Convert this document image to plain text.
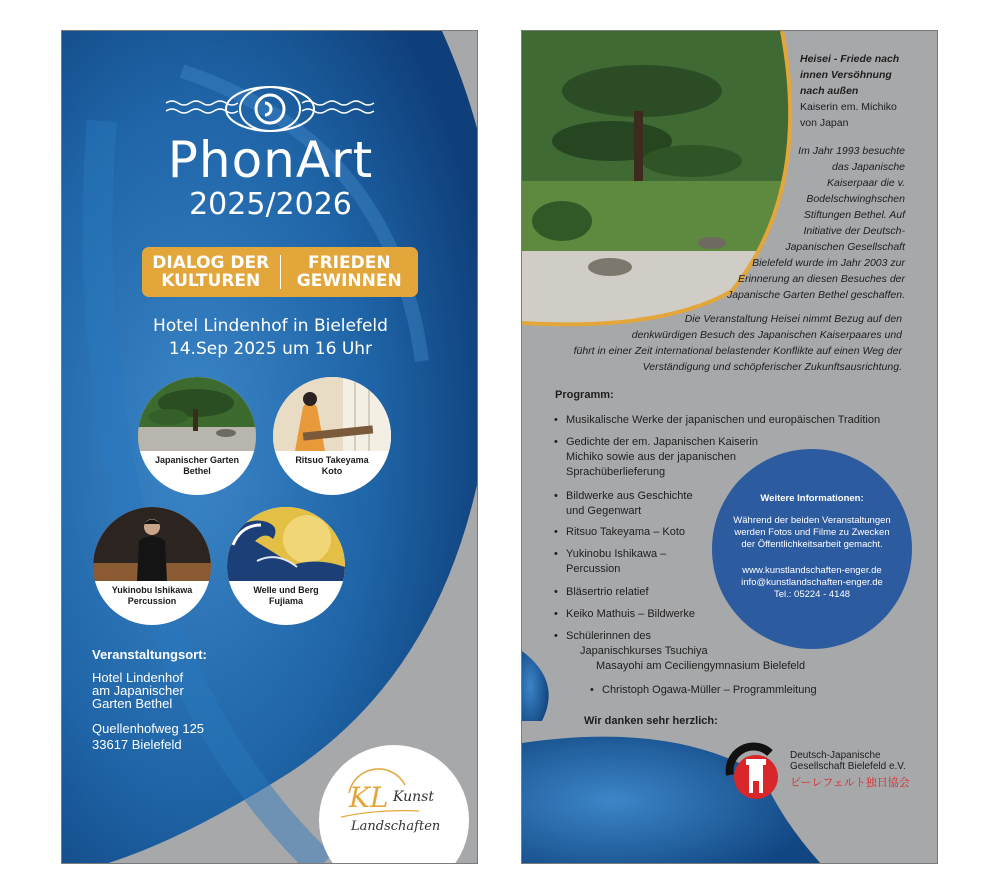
PhonArt
2025/2026
DIALOG DER
KULTUREN
FRIEDEN
GEWINNEN
Hotel Lindenhof in Bielefeld
14.Sep 2025 um 16 Uhr
Japanischer Garten
Bethel
Ritsuo Takeyama
Koto
Yukinobu Ishikawa
Percussion
Welle und Berg
Fujiama
Veranstaltungsort:
Hotel Lindenhof
am Japanischer
Garten Bethel
Quellenhofweg 125
33617 Bielefeld
KL Kunst
Landschaften
Heisei - Friede nach
innen Versöhnung
nach außen
Kaiserin em. Michiko
von Japan
Im Jahr 1993 besuchte
das Japanische
Kaiserpaar die v.
Bodelschwinghschen
Stiftungen Bethel. Auf
Initiative der Deutsch-
Japanischen Gesellschaft
Bielefeld wurde im Jahr 2003 zur
Erinnerung an diesen Besuches der
Japanische Garten Bethel geschaffen.
Die Veranstaltung Heisei nimmt Bezug auf den
denkwürdigen Besuch des Japanischen Kaiserpaares und
führt in einer Zeit international belastender Konflikte auf einen Weg der
Verständigung und schöpferischer Zukunftsausrichtung.
Programm:
• Musikalische Werke der japanischen und europäischen Tradition
• Gedichte der em. Japanischen Kaiserin
Michiko sowie aus der japanischen
Sprachüberlieferung
• Bildwerke aus Geschichte
und Gegenwart
• Ritsuo Takeyama – Koto
• Yukinobu Ishikawa –
Percussion
• Bläsertrio relatief
• Keiko Mathuis – Bildwerke
• Schülerinnen des
Japanischkurses Tsuchiya
Masayohi am Ceciliengymnasium Bielefeld
• Christoph Ogawa-Müller – Programmleitung
Weitere Informationen:
Während der beiden Veranstaltungen
werden Fotos und Filme zu Zwecken
der Öffentlichkeitsarbeit gemacht.
www.kunstlandschaften-enger.de
info@kunstlandschaften-enger.de
Tel.: 05224 - 4148
Wir danken sehr herzlich:
Deutsch-Japanische
Gesellschaft Bielefeld e.V.
ビーレフェルト独日協会
